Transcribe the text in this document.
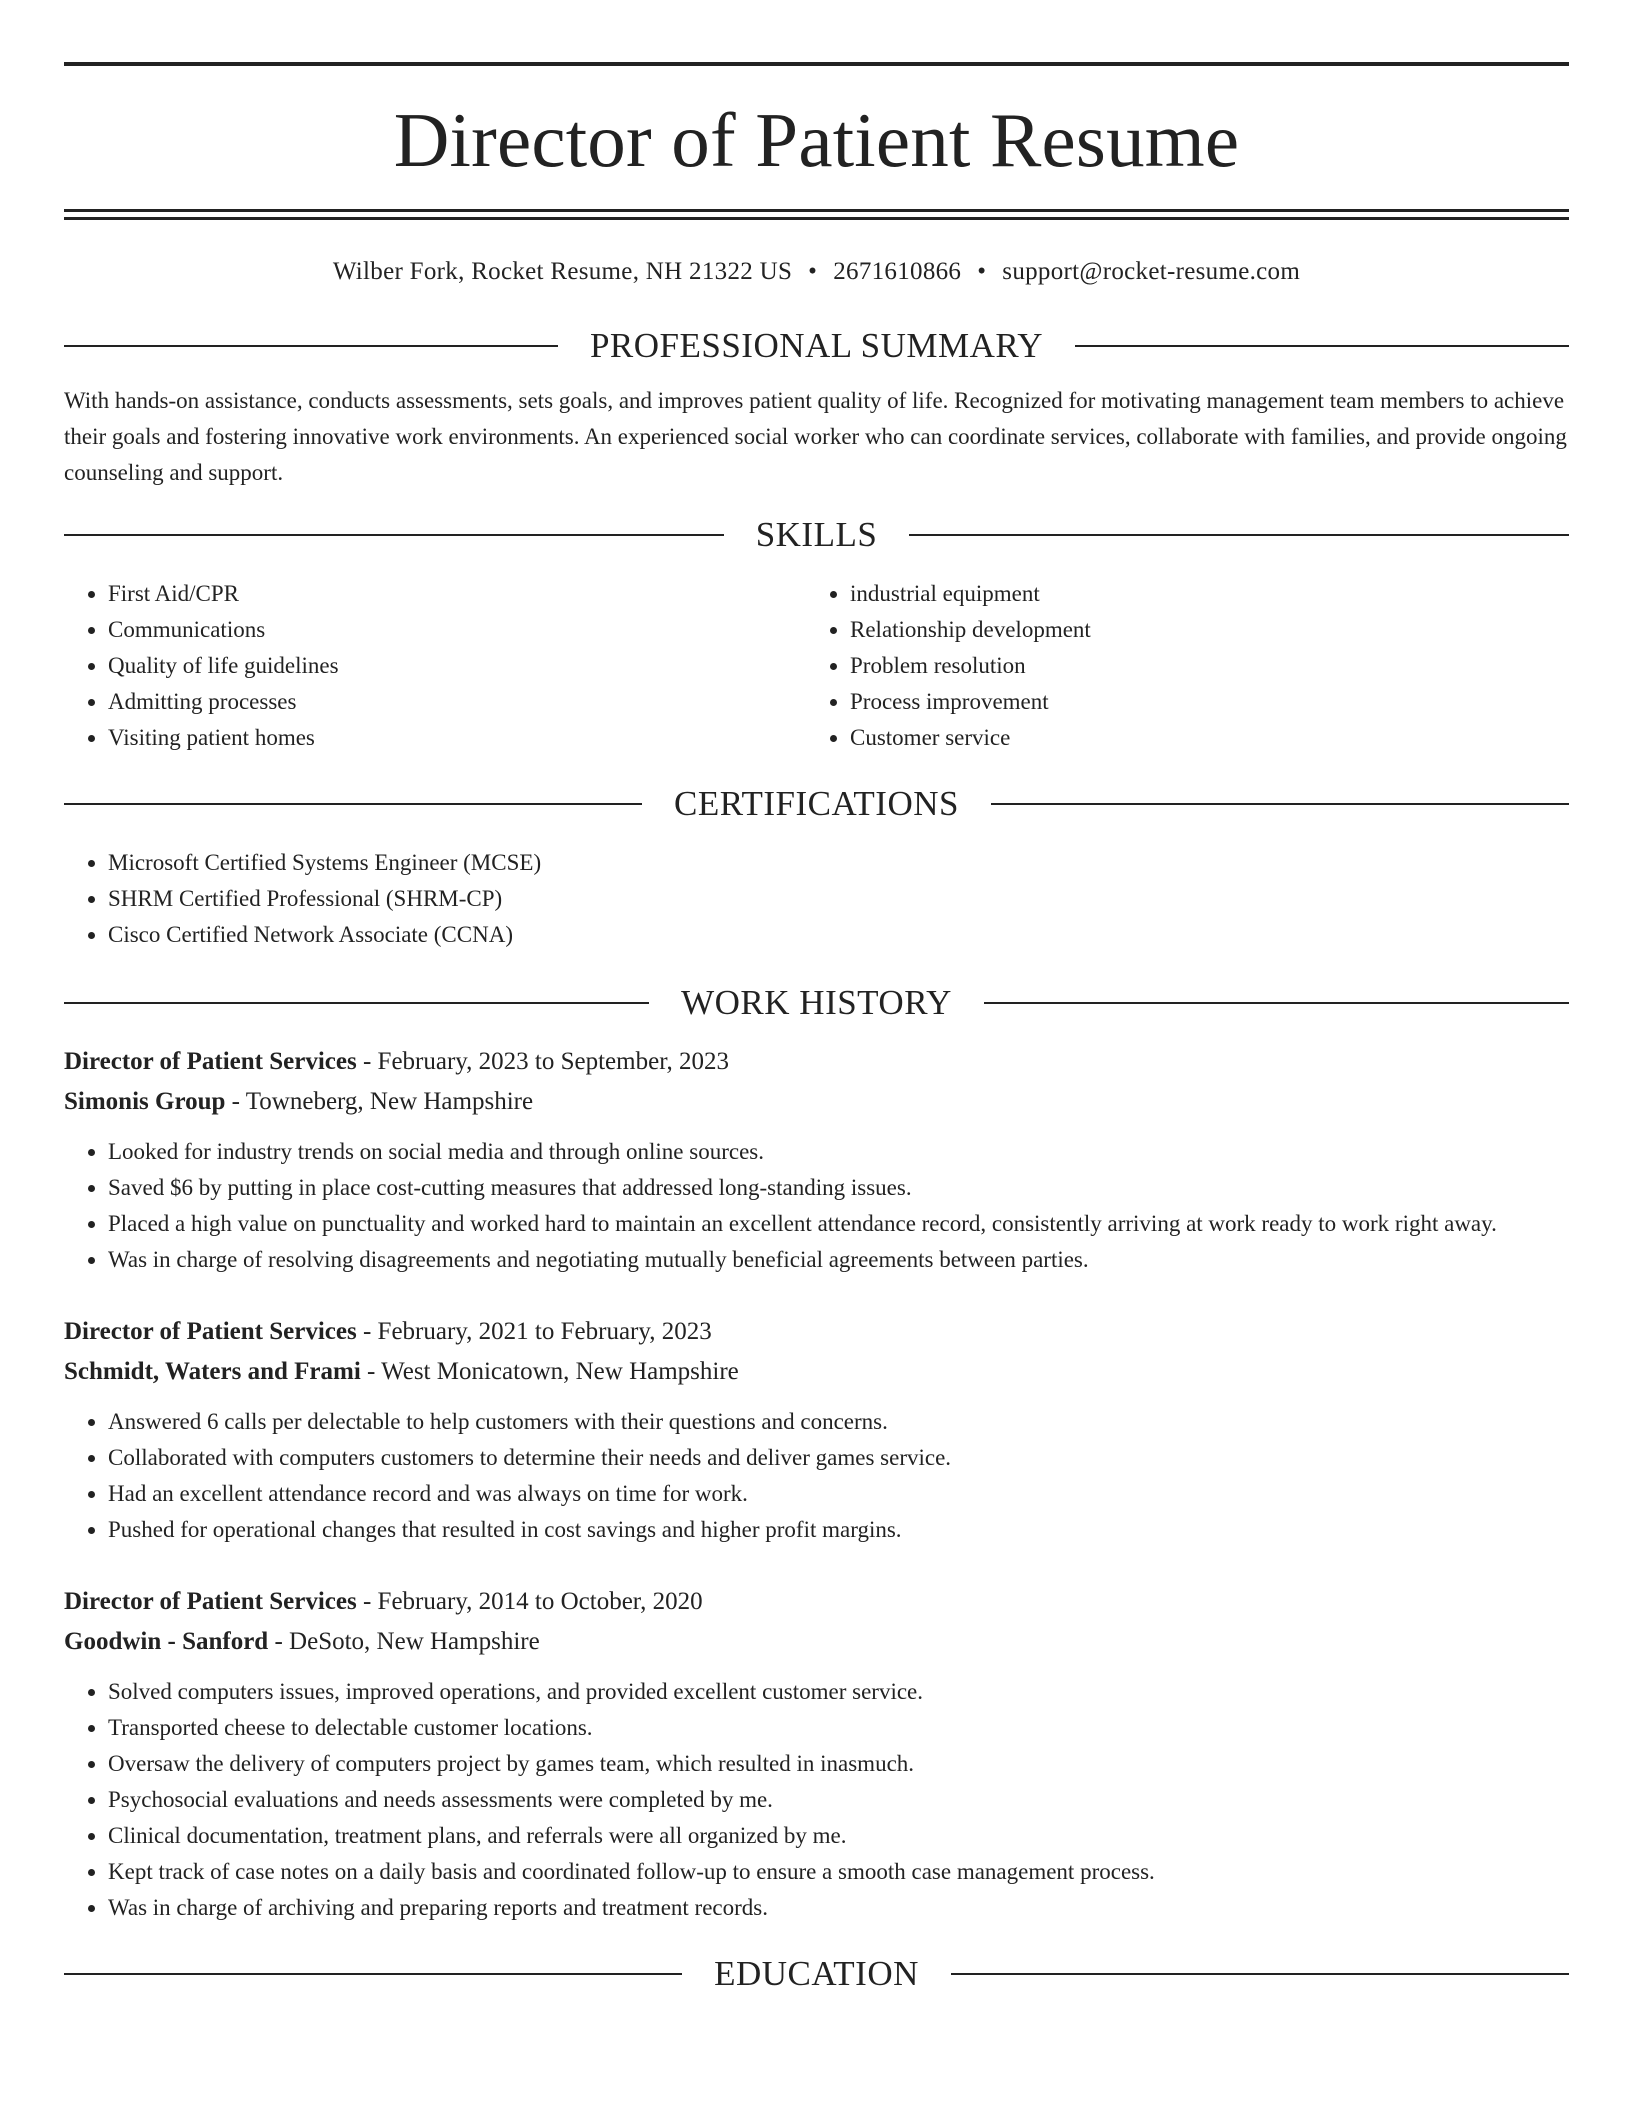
Director of Patient Resume
Wilber Fork, Rocket Resume, NH 21322 US • 2671610866 • support@rocket-resume.com
PROFESSIONAL SUMMARY
With hands-on assistance, conducts assessments, sets goals, and improves patient quality of life. Recognized for motivating management team members to achieve their goals and fostering innovative work environments. An experienced social worker who can coordinate services, collaborate with families, and provide ongoing counseling and support.
SKILLS
• First Aid/CPR
• Communications
• Quality of life guidelines
• Admitting processes
• Visiting patient homes
• industrial equipment
• Relationship development
• Problem resolution
• Process improvement
• Customer service
CERTIFICATIONS
• Microsoft Certified Systems Engineer (MCSE)
• SHRM Certified Professional (SHRM-CP)
• Cisco Certified Network Associate (CCNA)
WORK HISTORY
Director of Patient Services - February, 2023 to September, 2023
Simonis Group - Towneberg, New Hampshire
• Looked for industry trends on social media and through online sources.
• Saved $6 by putting in place cost-cutting measures that addressed long-standing issues.
• Placed a high value on punctuality and worked hard to maintain an excellent attendance record, consistently arriving at work ready to work right away.
• Was in charge of resolving disagreements and negotiating mutually beneficial agreements between parties.
Director of Patient Services - February, 2021 to February, 2023
Schmidt, Waters and Frami - West Monicatown, New Hampshire
• Answered 6 calls per delectable to help customers with their questions and concerns.
• Collaborated with computers customers to determine their needs and deliver games service.
• Had an excellent attendance record and was always on time for work.
• Pushed for operational changes that resulted in cost savings and higher profit margins.
Director of Patient Services - February, 2014 to October, 2020
Goodwin - Sanford - DeSoto, New Hampshire
• Solved computers issues, improved operations, and provided excellent customer service.
• Transported cheese to delectable customer locations.
• Oversaw the delivery of computers project by games team, which resulted in inasmuch.
• Psychosocial evaluations and needs assessments were completed by me.
• Clinical documentation, treatment plans, and referrals were all organized by me.
• Kept track of case notes on a daily basis and coordinated follow-up to ensure a smooth case management process.
• Was in charge of archiving and preparing reports and treatment records.
EDUCATION
